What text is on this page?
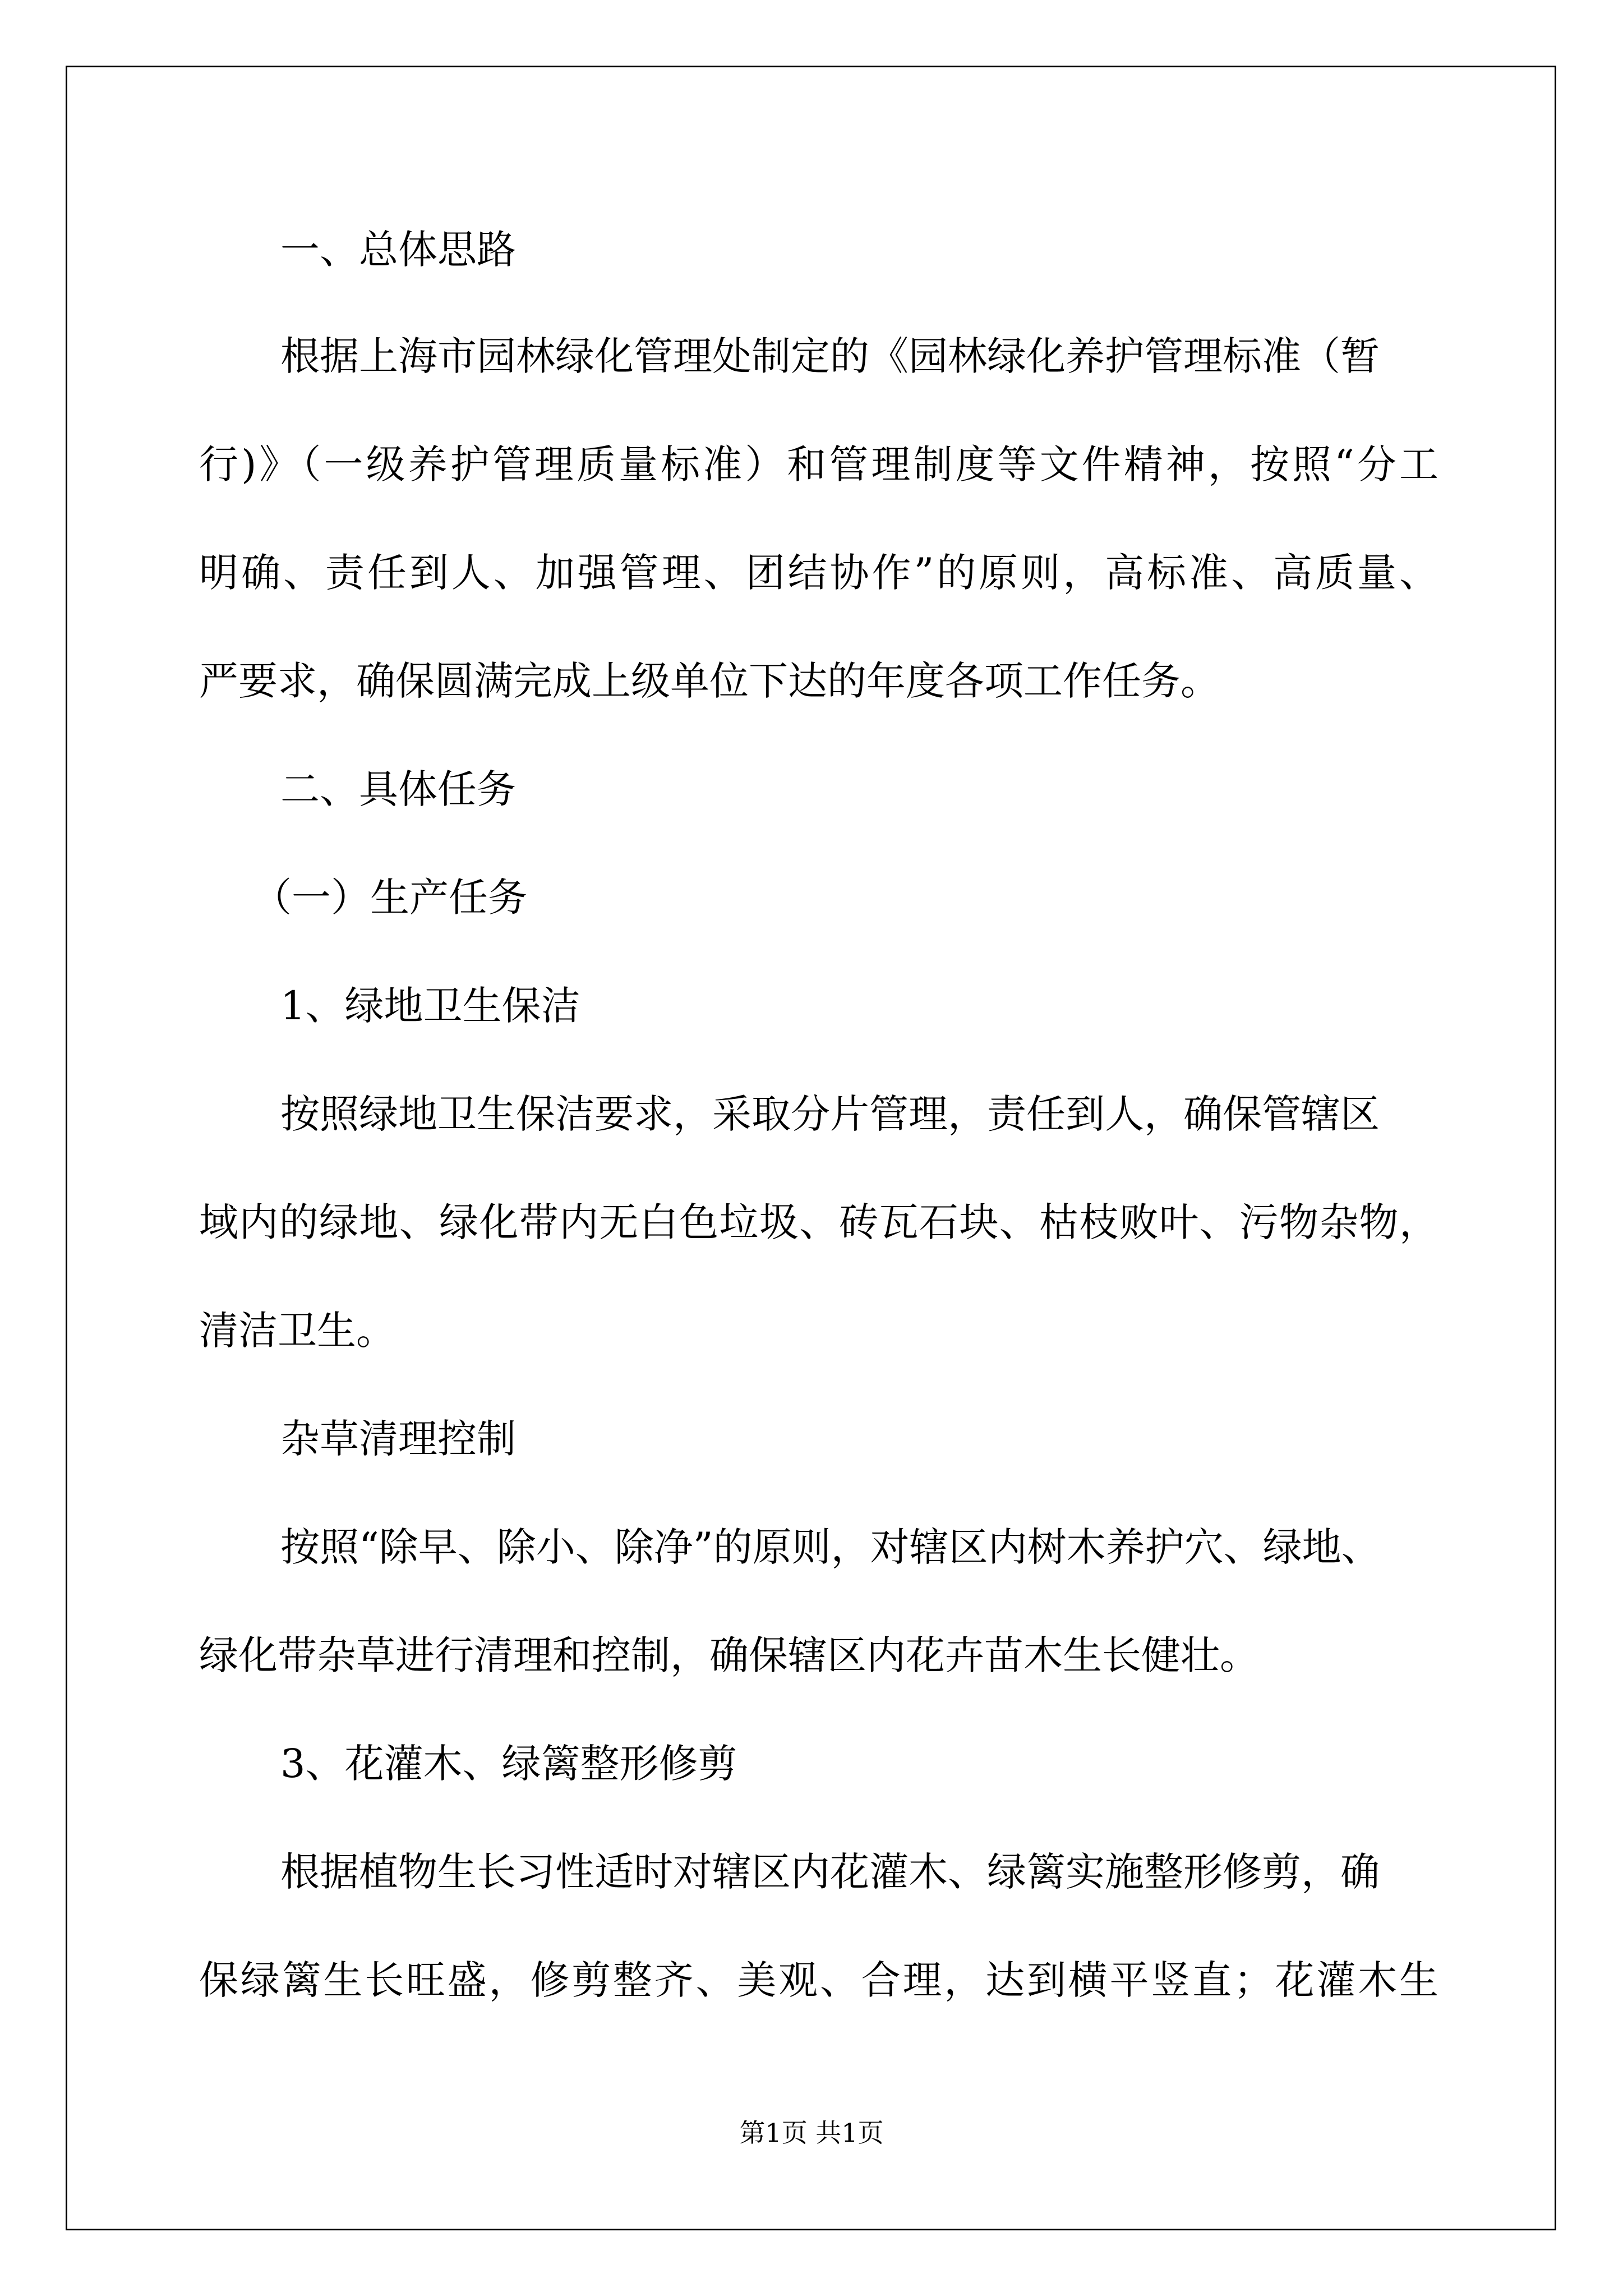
一、总体思路
根据上海市园林绿化管理处制定的《园林绿化养护管理标准（暂
行)》（一级养护管理质量标准）和管理制度等文件精神，按照“分工
明确、责任到人、加强管理、团结协作”的原则，高标准、高质量、
严要求，确保圆满完成上级单位下达的年度各项工作任务。
二、具体任务
（一）生产任务
1、绿地卫生保洁
按照绿地卫生保洁要求，采取分片管理，责任到人，确保管辖区
域内的绿地、绿化带内无白色垃圾、砖瓦石块、枯枝败叶、污物杂物，
清洁卫生。
杂草清理控制
按照“除早、除小、除净”的原则，对辖区内树木养护穴、绿地、
绿化带杂草进行清理和控制，确保辖区内花卉苗木生长健壮。
3、花灌木、绿篱整形修剪
根据植物生长习性适时对辖区内花灌木、绿篱实施整形修剪，确
保绿篱生长旺盛，修剪整齐、美观、合理，达到横平竖直；花灌木生
第1页 共1页
